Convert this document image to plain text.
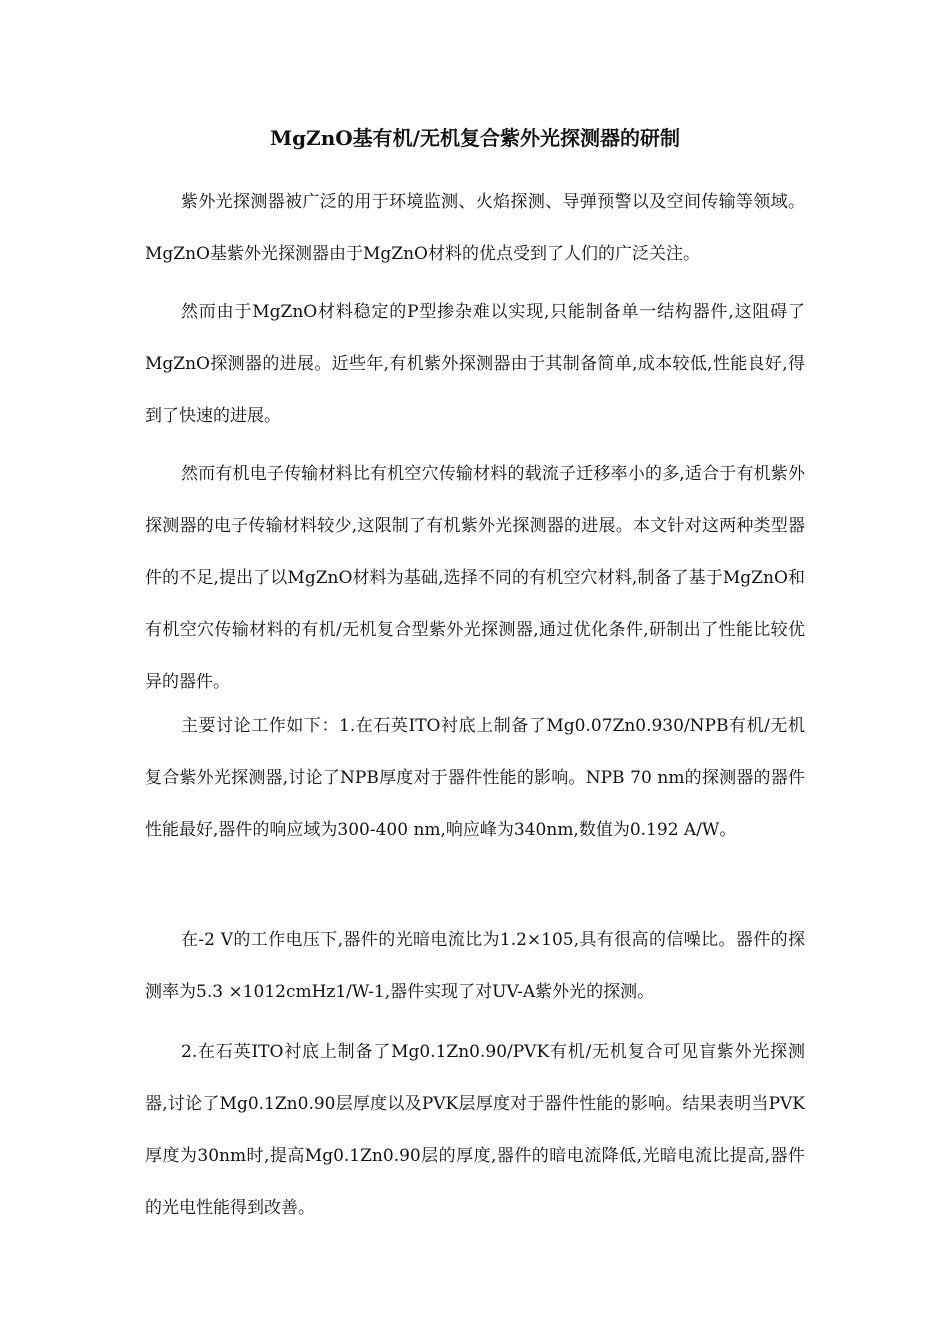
MgZnO基有机/无机复合紫外光探测器的研制

紫外光探测器被广泛的用于环境监测、火焰探测、导弹预警以及空间传输等领域。MgZnO基紫外光探测器由于MgZnO材料的优点受到了人们的广泛关注。

然而由于MgZnO材料稳定的P型掺杂难以实现,只能制备单一结构器件,这阻碍了MgZnO探测器的进展。近些年,有机紫外探测器由于其制备简单,成本较低,性能良好,得到了快速的进展。

然而有机电子传输材料比有机空穴传输材料的载流子迁移率小的多,适合于有机紫外探测器的电子传输材料较少,这限制了有机紫外光探测器的进展。本文针对这两种类型器件的不足,提出了以MgZnO材料为基础,选择不同的有机空穴材料,制备了基于MgZnO和有机空穴传输材料的有机/无机复合型紫外光探测器,通过优化条件,研制出了性能比较优异的器件。

主要讨论工作如下：1.在石英ITO衬底上制备了Mg0.07Zn0.930/NPB有机/无机复合紫外光探测器,讨论了NPB厚度对于器件性能的影响。NPB 70 nm的探测器的器件性能最好,器件的响应域为300-400 nm,响应峰为340nm,数值为0.192 A/W。

在-2 V的工作电压下,器件的光暗电流比为1.2×105,具有很高的信噪比。器件的探测率为5.3 ×1012cmHz1/W-1,器件实现了对UV-A紫外光的探测。

2.在石英ITO衬底上制备了Mg0.1Zn0.90/PVK有机/无机复合可见盲紫外光探测器,讨论了Mg0.1Zn0.90层厚度以及PVK层厚度对于器件性能的影响。结果表明当PVK厚度为30nm时,提高Mg0.1Zn0.90层的厚度,器件的暗电流降低,光暗电流比提高,器件的光电性能得到改善。
